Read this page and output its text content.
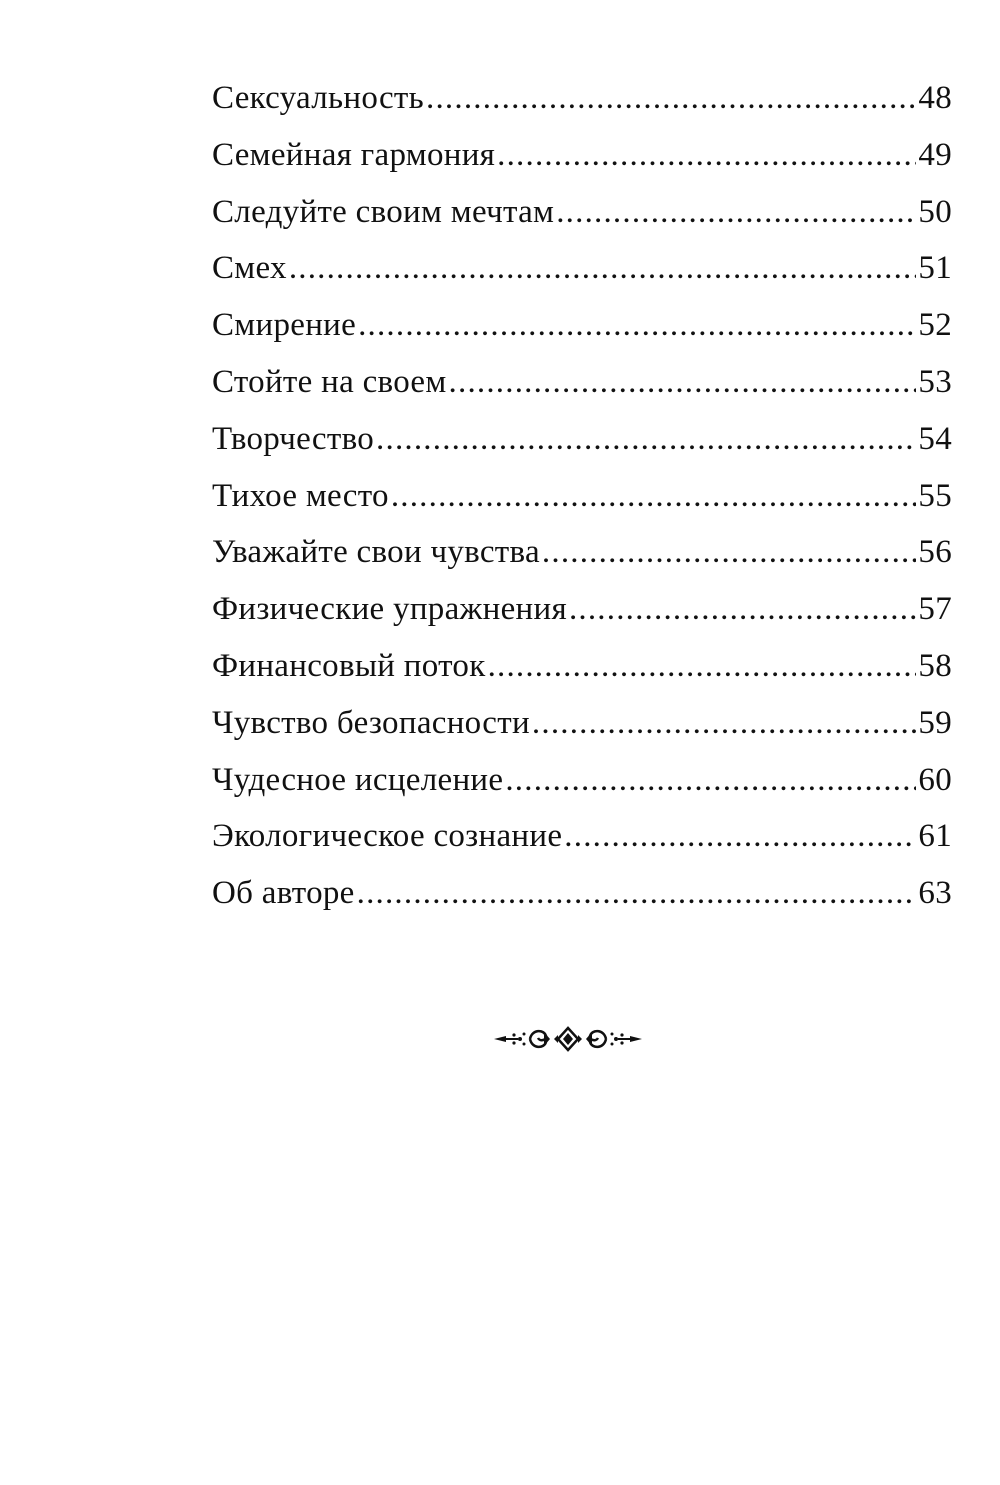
Сексуальность .....	48
Семейная гармония .....	49
Следуйте своим мечтам .....	50
Смех .....	51
Смирение .....	52
Стойте на своем .....	53
Творчество .....	54
Тихое место .....	55
Уважайте свои чувства .....	56
Физические упражнения .....	57
Финансовый поток .....	58
Чувство безопасности .....	59
Чудесное исцеление .....	60
Экологическое сознание .....	61
Об авторе .....	63
